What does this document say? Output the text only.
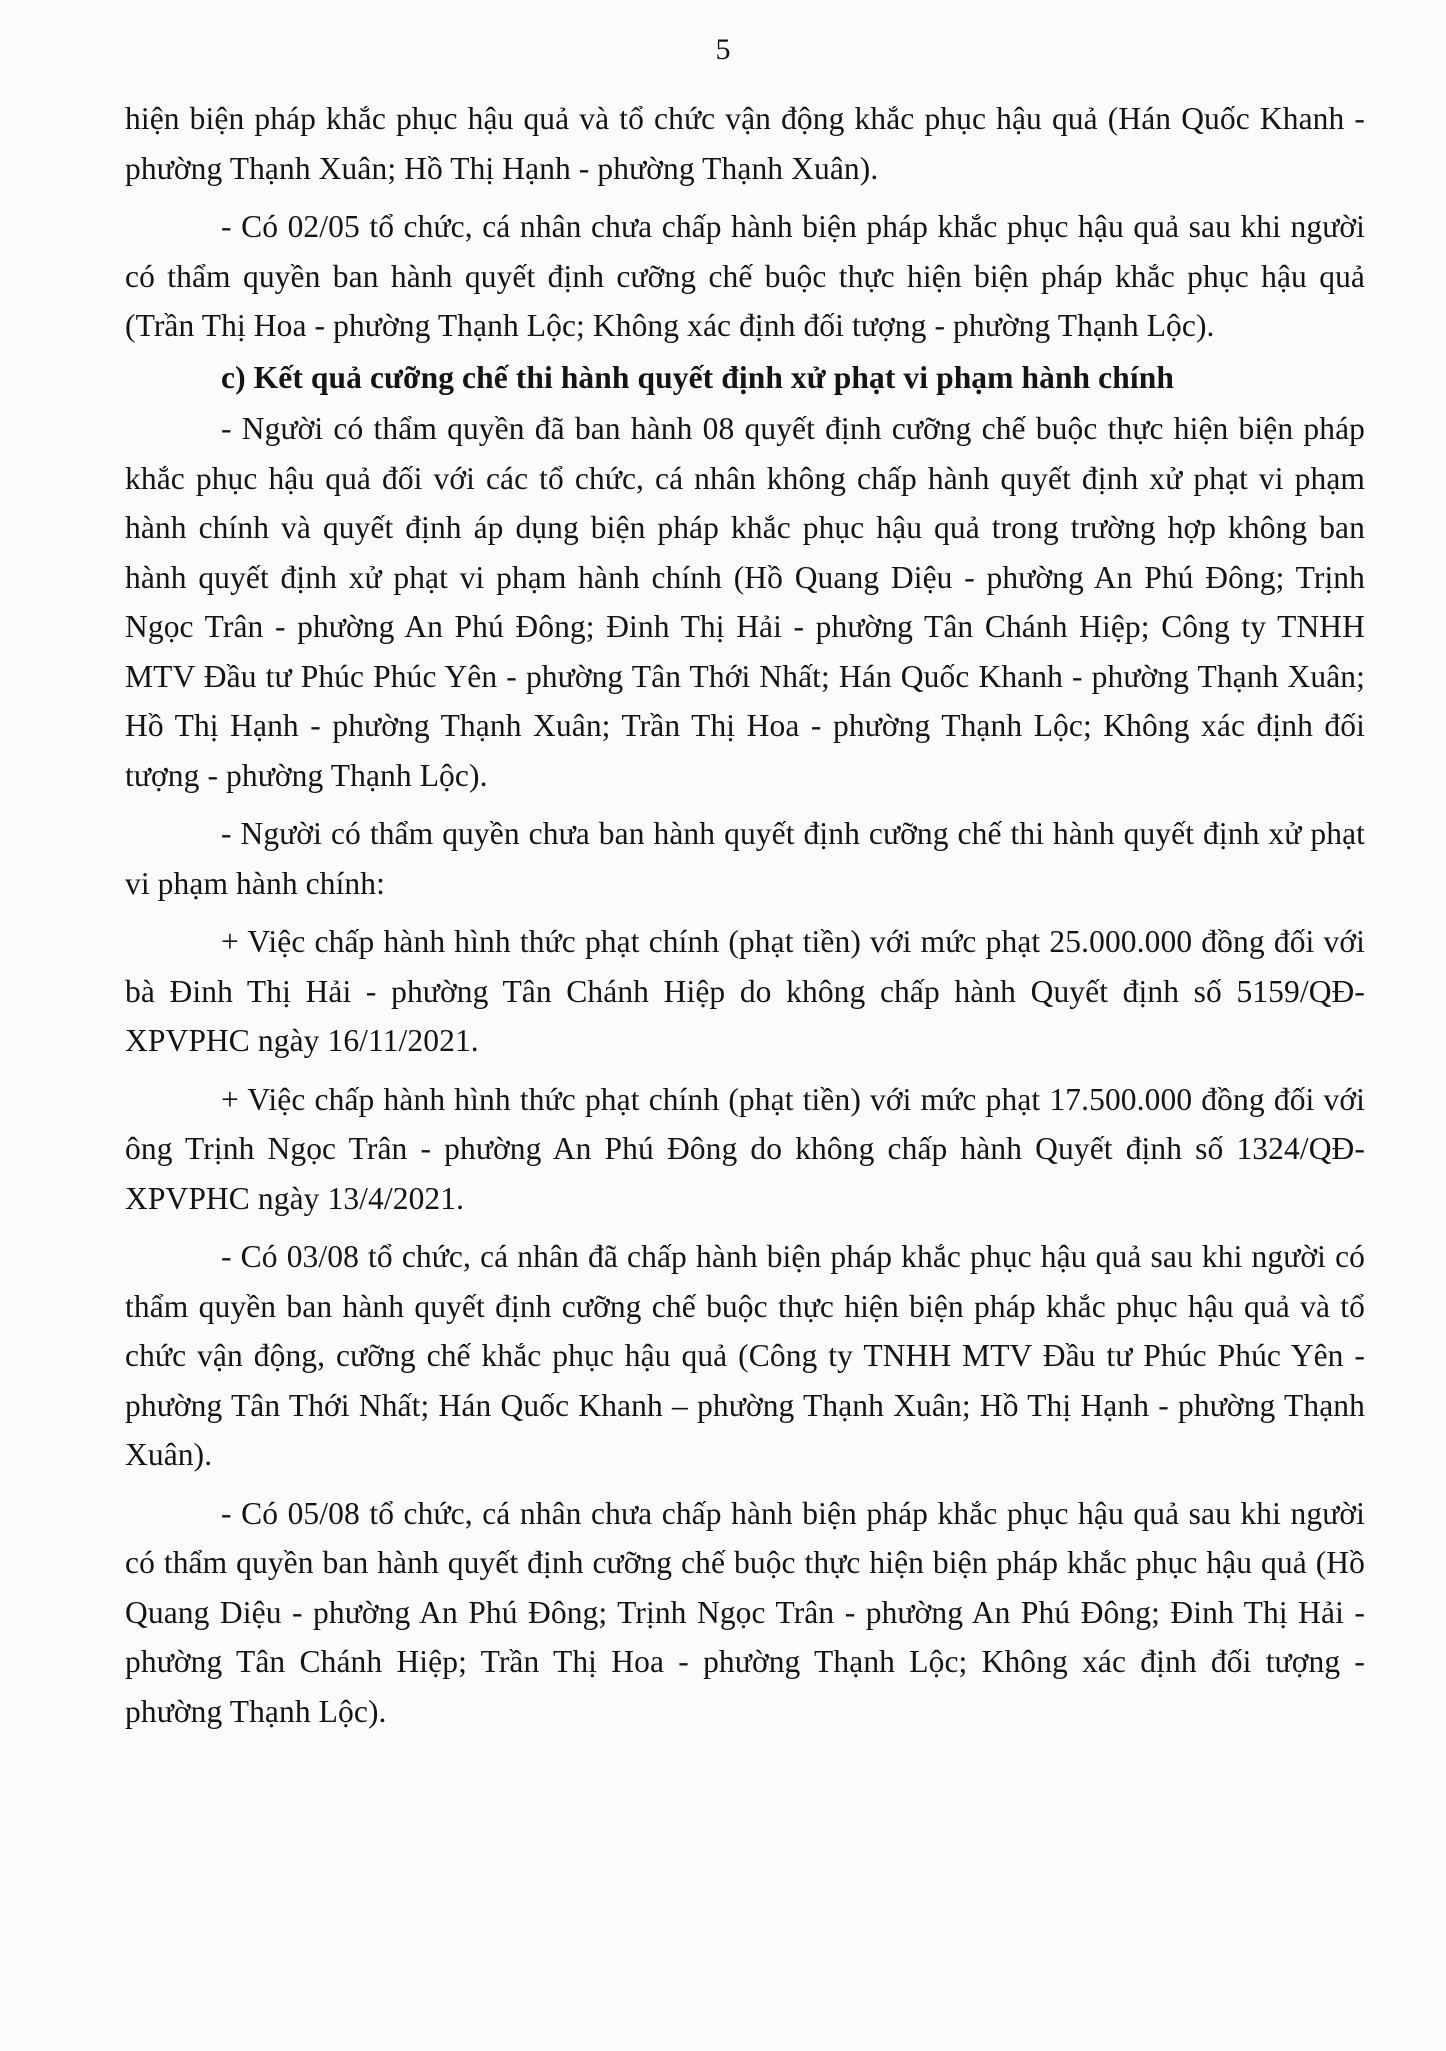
5

hiện biện pháp khắc phục hậu quả và tổ chức vận động khắc phục hậu quả (Hán Quốc Khanh - phường Thạnh Xuân; Hồ Thị Hạnh - phường Thạnh Xuân).

- Có 02/05 tổ chức, cá nhân chưa chấp hành biện pháp khắc phục hậu quả sau khi người có thẩm quyền ban hành quyết định cưỡng chế buộc thực hiện biện pháp khắc phục hậu quả (Trần Thị Hoa - phường Thạnh Lộc; Không xác định đối tượng - phường Thạnh Lộc).

c) Kết quả cưỡng chế thi hành quyết định xử phạt vi phạm hành chính

- Người có thẩm quyền đã ban hành 08 quyết định cưỡng chế buộc thực hiện biện pháp khắc phục hậu quả đối với các tổ chức, cá nhân không chấp hành quyết định xử phạt vi phạm hành chính và quyết định áp dụng biện pháp khắc phục hậu quả trong trường hợp không ban hành quyết định xử phạt vi phạm hành chính (Hồ Quang Diệu - phường An Phú Đông; Trịnh Ngọc Trân - phường An Phú Đông; Đinh Thị Hải - phường Tân Chánh Hiệp; Công ty TNHH MTV Đầu tư Phúc Phúc Yên - phường Tân Thới Nhất; Hán Quốc Khanh - phường Thạnh Xuân; Hồ Thị Hạnh - phường Thạnh Xuân; Trần Thị Hoa - phường Thạnh Lộc; Không xác định đối tượng - phường Thạnh Lộc).

- Người có thẩm quyền chưa ban hành quyết định cưỡng chế thi hành quyết định xử phạt vi phạm hành chính:

+ Việc chấp hành hình thức phạt chính (phạt tiền) với mức phạt 25.000.000 đồng đối với bà Đinh Thị Hải - phường Tân Chánh Hiệp do không chấp hành Quyết định số 5159/QĐ-XPVPHC ngày 16/11/2021.

+ Việc chấp hành hình thức phạt chính (phạt tiền) với mức phạt 17.500.000 đồng đối với ông Trịnh Ngọc Trân - phường An Phú Đông do không chấp hành Quyết định số 1324/QĐ-XPVPHC ngày 13/4/2021.

- Có 03/08 tổ chức, cá nhân đã chấp hành biện pháp khắc phục hậu quả sau khi người có thẩm quyền ban hành quyết định cưỡng chế buộc thực hiện biện pháp khắc phục hậu quả và tổ chức vận động, cưỡng chế khắc phục hậu quả (Công ty TNHH MTV Đầu tư Phúc Phúc Yên - phường Tân Thới Nhất; Hán Quốc Khanh – phường Thạnh Xuân; Hồ Thị Hạnh - phường Thạnh Xuân).

- Có 05/08 tổ chức, cá nhân chưa chấp hành biện pháp khắc phục hậu quả sau khi người có thẩm quyền ban hành quyết định cưỡng chế buộc thực hiện biện pháp khắc phục hậu quả (Hồ Quang Diệu - phường An Phú Đông; Trịnh Ngọc Trân - phường An Phú Đông; Đinh Thị Hải - phường Tân Chánh Hiệp; Trần Thị Hoa - phường Thạnh Lộc; Không xác định đối tượng - phường Thạnh Lộc).
